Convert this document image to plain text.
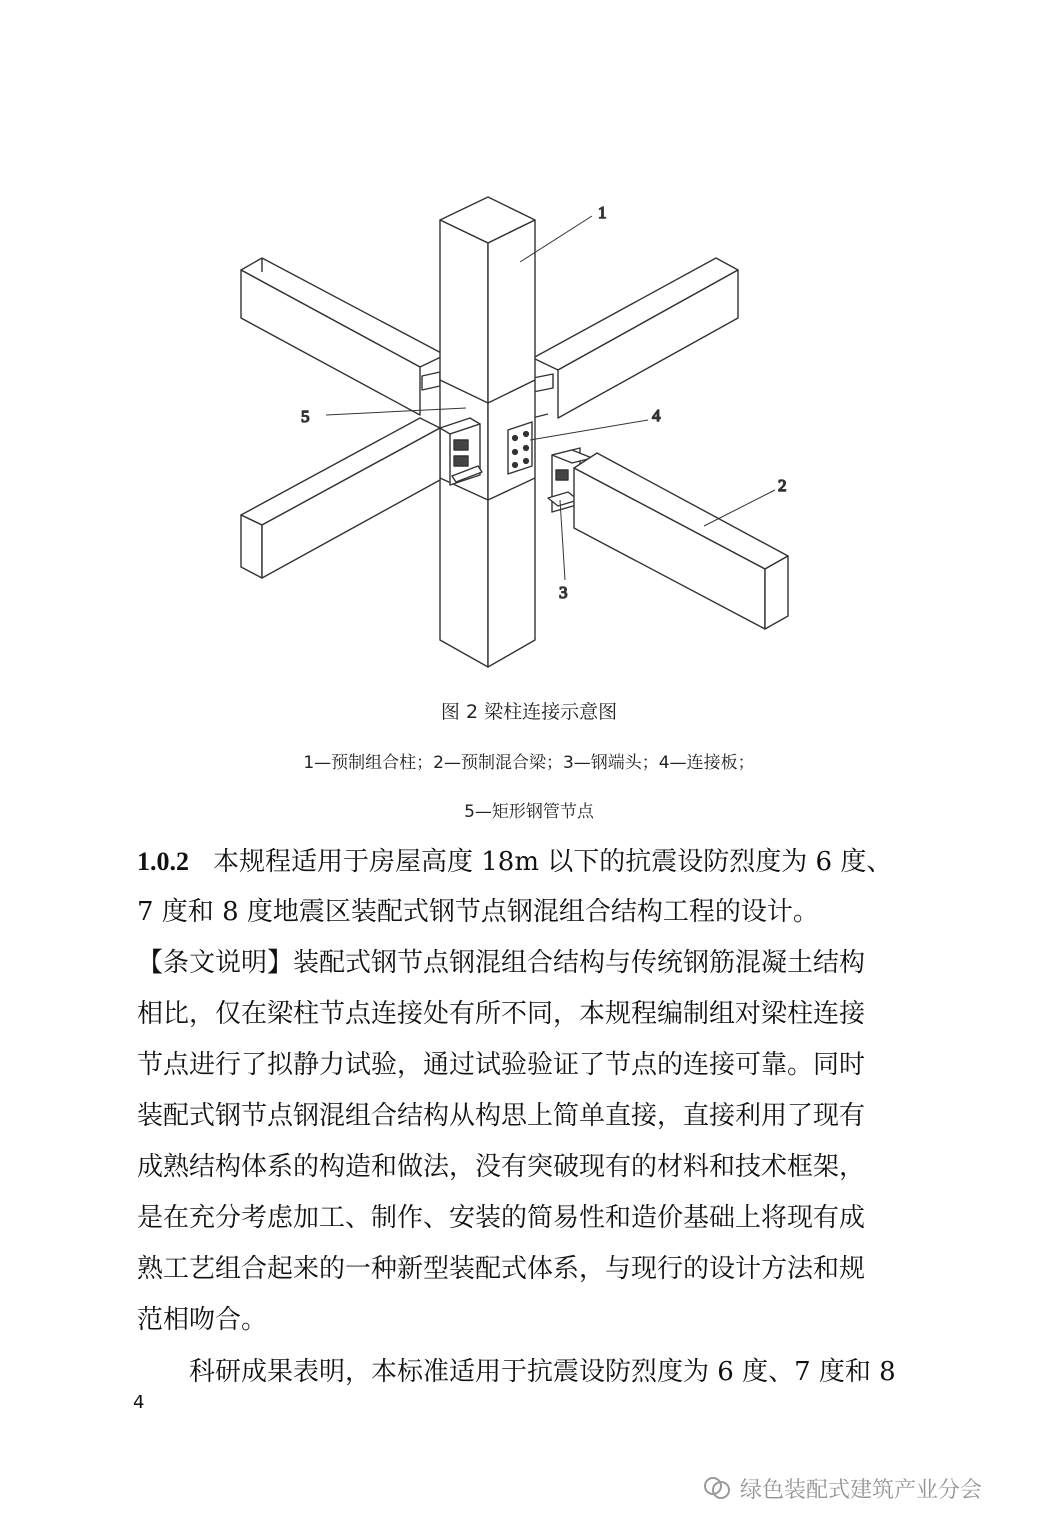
1
2
3
4
5
图 2 梁柱连接示意图
1—预制组合柱；2—预制混合梁；3—钢端头；4—连接板；
5—矩形钢管节点
1.0.2 本规程适用于房屋高度 18m 以下的抗震设防烈度为 6 度、
7 度和 8 度地震区装配式钢节点钢混组合结构工程的设计。
【条文说明】装配式钢节点钢混组合结构与传统钢筋混凝土结构
相比，仅在梁柱节点连接处有所不同，本规程编制组对梁柱连接
节点进行了拟静力试验，通过试验验证了节点的连接可靠。同时
装配式钢节点钢混组合结构从构思上简单直接，直接利用了现有
成熟结构体系的构造和做法，没有突破现有的材料和技术框架，
是在充分考虑加工、制作、安装的简易性和造价基础上将现有成
熟工艺组合起来的一种新型装配式体系，与现行的设计方法和规
范相吻合。
科研成果表明，本标准适用于抗震设防烈度为 6 度、7 度和 8
4
绿色装配式建筑产业分会
